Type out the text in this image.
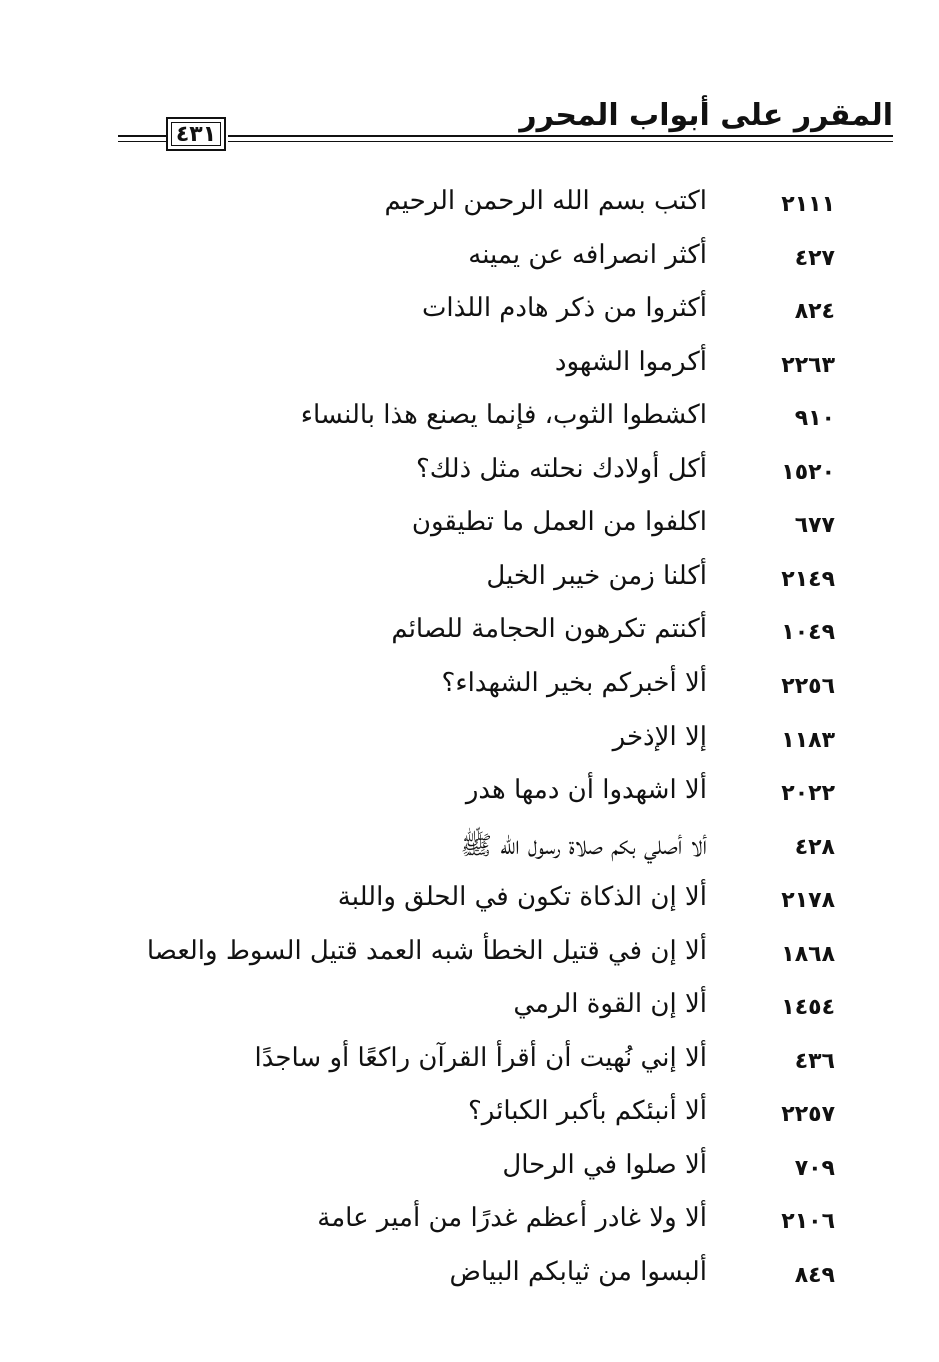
المقرر على أبواب المحرر
٤٣١
٢١١١
اكتب بسم الله الرحمن الرحيم
٤٢٧
أكثر انصرافه عن يمينه
٨٢٤
أكثروا من ذكر هادم اللذات
٢٢٦٣
أكرموا الشهود
٩١٠
اكشطوا الثوب، فإنما يصنع هذا بالنساء
١٥٢٠
أكل أولادك نحلته مثل ذلك؟
٦٧٧
اكلفوا من العمل ما تطيقون
٢١٤٩
أكلنا زمن خيبر الخيل
١٠٤٩
أكنتم تكرهون الحجامة للصائم
٢٢٥٦
ألا أخبركم بخير الشهداء؟
١١٨٣
إلا الإذخر
٢٠٢٢
ألا اشهدوا أن دمها هدر
٤٢٨
ألا أصلي بكم صلاة رسول الله ﷺ
٢١٧٨
ألا إن الذكاة تكون في الحلق واللبة
١٨٦٨
ألا إن في قتيل الخطأ شبه العمد قتيل السوط والعصا
١٤٥٤
ألا إن القوة الرمي
٤٣٦
ألا إني نُهيت أن أقرأ القرآن راكعًا أو ساجدًا
٢٢٥٧
ألا أنبئكم بأكبر الكبائر؟
٧٠٩
ألا صلوا في الرحال
٢١٠٦
ألا ولا غادر أعظم غدرًا من أمير عامة
٨٤٩
ألبسوا من ثيابكم البياض
